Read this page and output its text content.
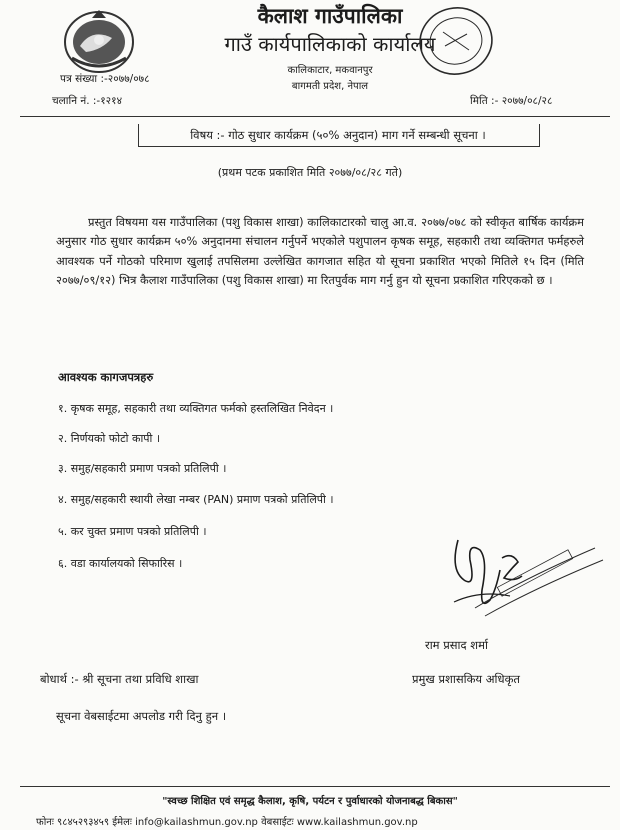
कैलाश गाउँपालिका
गाउँ कार्यपालिकाको कार्यालय
कालिकाटार, मकवानपुर
बागमती प्रदेश, नेपाल
पत्र संख्या :-२०७७/०७८
चलानि नं. :-१२१४	मिति :- २०७७/०८/२८
विषय :- गोठ सुधार कार्यक्रम (५०% अनुदान) माग गर्ने सम्बन्धी सूचना ।
(प्रथम पटक प्रकाशित मिति २०७७/०८/२८ गते)
प्रस्तुत विषयमा यस गाउँपालिका (पशु विकास शाखा) कालिकाटारको चालु आ.व. २०७७/०७८ को स्वीकृत बार्षिक कार्यक्रम अनुसार गोठ सुधार कार्यक्रम ५०% अनुदानमा संचालन गर्नुपर्ने भएकोले पशुपालन कृषक समूह, सहकारी तथा व्यक्तिगत फर्महरुले आवश्यक पर्ने गोठको परिमाण खुलाई तपसिलमा उल्लेखित कागजात सहित यो सूचना प्रकाशित भएको मितिले १५ दिन (मिति २०७७/०९/१२) भित्र कैलाश गाउँपालिका (पशु विकास शाखा) मा रितपुर्वक माग गर्नु हुन यो सूचना प्रकाशित गरिएकको छ ।
आवश्यक कागजपत्रहरु
१. कृषक समूह, सहकारी तथा व्यक्तिगत फर्मको हस्तलिखित निवेदन ।
२. निर्णयको फोटो कापी ।
३. समुह/सहकारी प्रमाण पत्रको प्रतिलिपी ।
४. समुह/सहकारी स्थायी लेखा नम्बर (PAN) प्रमाण पत्रको प्रतिलिपी ।
५. कर चुक्त प्रमाण पत्रको प्रतिलिपी ।
६. वडा कार्यालयको सिफारिस ।
राम प्रसाद शर्मा
प्रमुख प्रशासकिय अधिकृत
बोधार्थ :- श्री सूचना तथा प्रविधि शाखा
सूचना वेबसाईटमा अपलोड गरी दिनु हुन ।
"स्वच्छ शिक्षित एवं समृद्ध कैलाश, कृषि, पर्यटन र पुर्वाधारको योजनाबद्ध बिकास"
फोनः ९८४५२९३४५९ ईमेलः info@kailashmun.gov.np वेबसाईटः www.kailashmun.gov.np
